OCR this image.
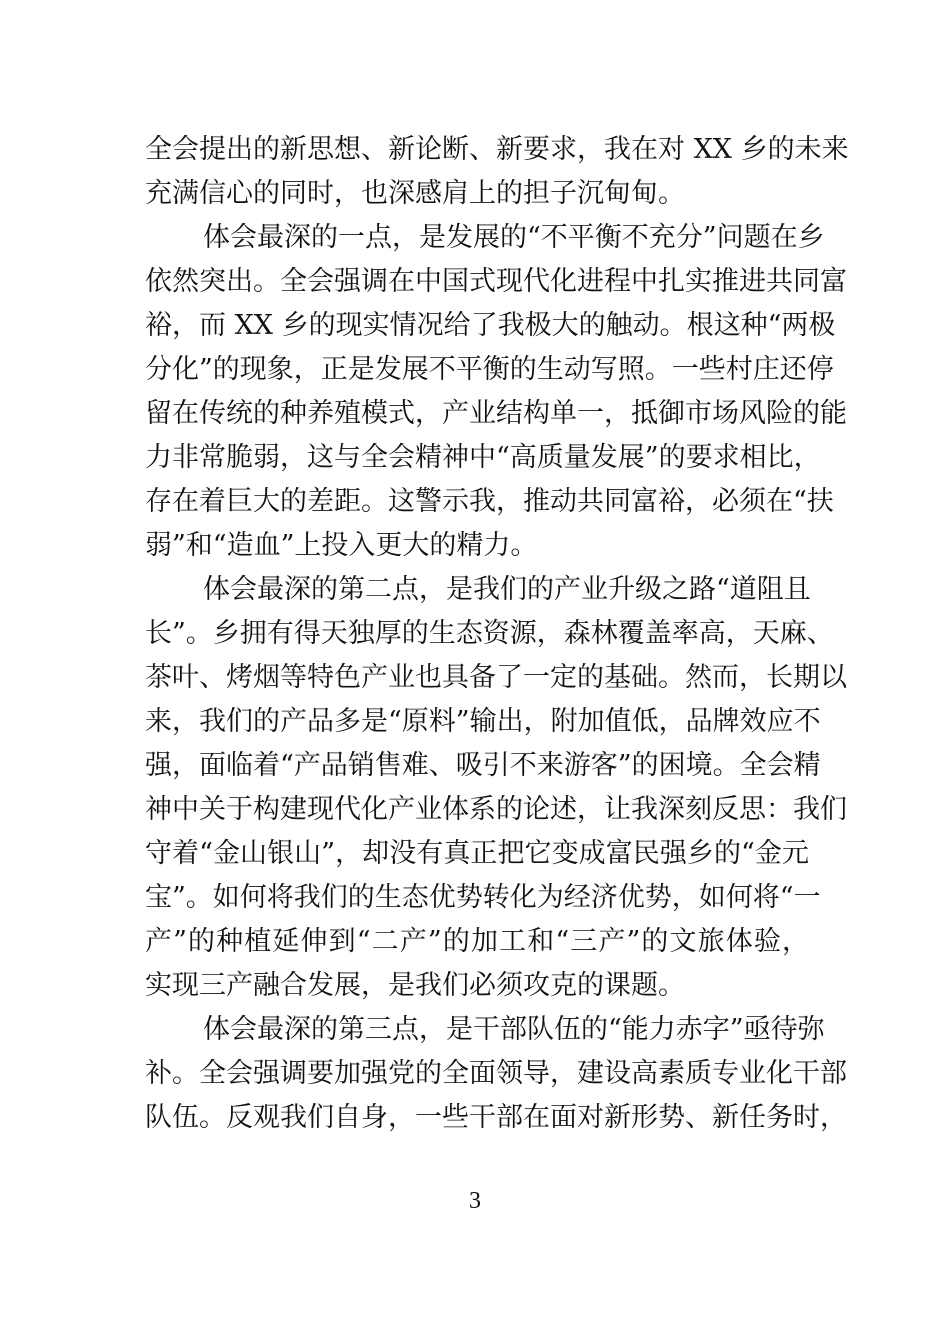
全会提出的新思想、新论断、新要求，我在对 XX 乡的未来
充满信心的同时，也深感肩上的担子沉甸甸。
体会最深的一点，是发展的“不平衡不充分”问题在乡
依然突出。全会强调在中国式现代化进程中扎实推进共同富
裕，而 XX 乡的现实情况给了我极大的触动。根这种“两极
分化”的现象，正是发展不平衡的生动写照。一些村庄还停
留在传统的种养殖模式，产业结构单一，抵御市场风险的能
力非常脆弱，这与全会精神中“高质量发展”的要求相比，
存在着巨大的差距。这警示我，推动共同富裕，必须在“扶
弱”和“造血”上投入更大的精力。
体会最深的第二点，是我们的产业升级之路“道阻且
长”。乡拥有得天独厚的生态资源，森林覆盖率高，天麻、
茶叶、烤烟等特色产业也具备了一定的基础。然而，长期以
来，我们的产品多是“原料”输出，附加值低，品牌效应不
强，面临着“产品销售难、吸引不来游客”的困境。全会精
神中关于构建现代化产业体系的论述，让我深刻反思：我们
守着“金山银山”，却没有真正把它变成富民强乡的“金元
宝”。如何将我们的生态优势转化为经济优势，如何将“一
产”的种植延伸到“二产”的加工和“三产”的文旅体验，
实现三产融合发展，是我们必须攻克的课题。
体会最深的第三点，是干部队伍的“能力赤字”亟待弥
补。全会强调要加强党的全面领导，建设高素质专业化干部
队伍。反观我们自身，一些干部在面对新形势、新任务时，
3
